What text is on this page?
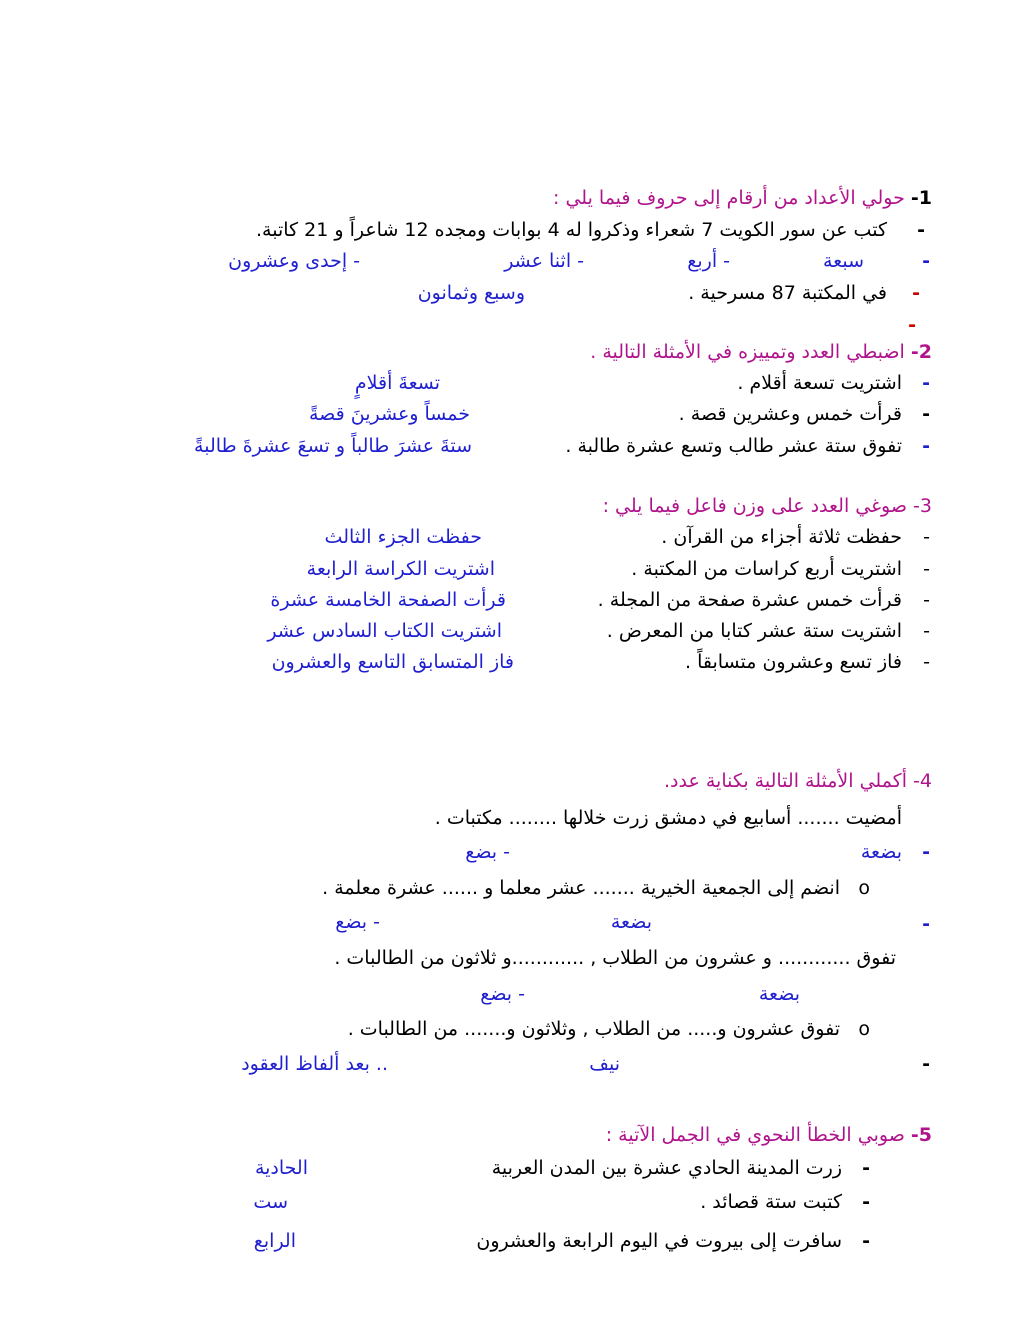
1- حولي الأعداد من أرقام إلى حروف فيما يلي :
-
كتب عن سور الكويت 7 شعراء وذكروا له 4 بوابات ومجده 12 شاعراً و 21 كاتبة.
-
سبعة
- أربع
- اثنا عشر
- إحدى وعشرون
-
في المكتبة 87 مسرحية .
وسبع وثمانون
-
2- اضبطي العدد وتمييزه في الأمثلة التالية .
-
اشتريت تسعة أقلام .
تسعةَ أقلامٍ
-
قرأت خمس وعشرين قصة .
خمساً وعشرينَ قصةً
-
تفوق ستة عشر طالب وتسع عشرة طالبة .
ستةَ عشرَ طالباً و تسعَ عشرةَ طالبةً
3- صوغي العدد على وزن فاعل فيما يلي :
-
حفظت ثلاثة أجزاء من القرآن .
حفظت الجزء الثالث
-
اشتريت أربع كراسات من المكتبة .
اشتريت الكراسة الرابعة
-
قرأت خمس عشرة صفحة من المجلة .
قرأت الصفحة الخامسة عشرة
-
اشتريت ستة عشر كتابا من المعرض .
اشتريت الكتاب السادس عشر
-
فاز تسع وعشرون متسابقاً .
فاز المتسابق التاسع والعشرون
4- أكملي الأمثلة التالية بكناية عدد.
أمضيت ....... أسابيع في دمشق زرت خلالها ........ مكتبات .
-
بضعة
- بضع
o
انضم إلى الجمعية الخيرية ....... عشر معلما و ...... عشرة معلمة .
-
بضعة
- بضع
تفوق ............ و عشرون من الطلاب , ............و ثلاثون من الطالبات .
بضعة
- بضع
o
تفوق عشرون و..... من الطلاب , وثلاثون و....... من الطالبات .
-
نيف
.. بعد ألفاظ العقود
5- صوبي الخطأ النحوي في الجمل الآتية :
-
زرت المدينة الحادي عشرة بين المدن العربية
الحادية
-
كتبت ستة قصائد .
ست
-
سافرت إلى بيروت في اليوم الرابعة والعشرون
الرابع
